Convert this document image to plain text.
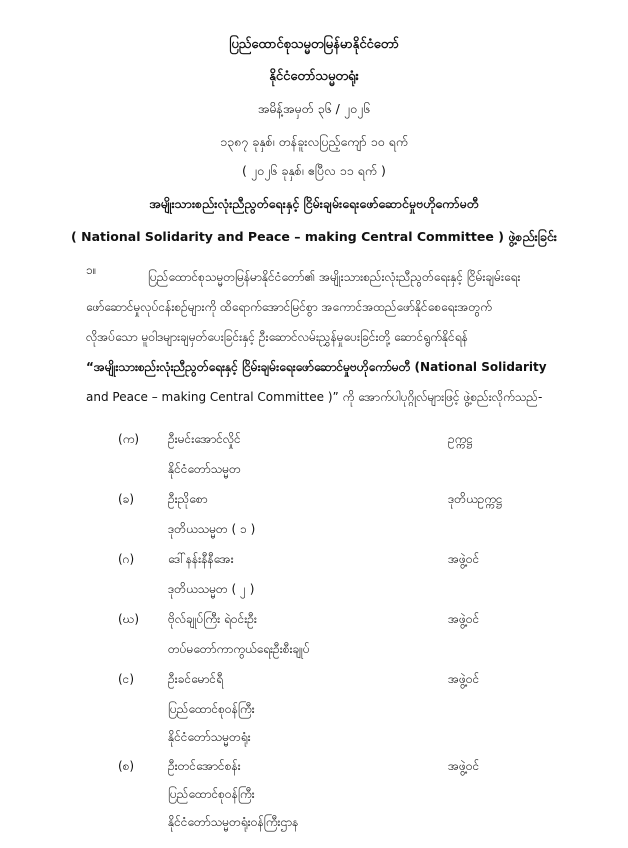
ပြည်ထောင်စုသမ္မတမြန်မာနိုင်ငံတော်
နိုင်ငံတော်သမ္မတရုံး
အမိန့်အမှတ် ၃၆ / ၂၀၂၆
၁၃၈၇ ခုနှစ်၊ တန်ခူးလပြည့်ကျော် ၁၀ ရက်
( ၂၀၂၆ ခုနှစ်၊ ဧပြီလ ၁၁ ရက် )
အမျိုးသားစည်းလုံးညီညွတ်ရေးနှင့် ငြိမ်းချမ်းရေးဖော်ဆောင်မှုဗဟိုကော်မတီ
( National Solidarity and Peace – making Central Committee ) ဖွဲ့စည်းခြင်း
၁။	ပြည်ထောင်စုသမ္မတမြန်မာနိုင်ငံတော်၏ အမျိုးသားစည်းလုံးညီညွတ်ရေးနှင့် ငြိမ်းချမ်းရေး
ဖော်ဆောင်မှုလုပ်ငန်းစဉ်များကို ထိရောက်အောင်မြင်စွာ အကောင်အထည်ဖော်နိုင်စေရေးအတွက်
လိုအပ်သော မူဝါဒများချမှတ်ပေးခြင်းနှင့် ဦးဆောင်လမ်းညွှန်မှုပေးခြင်းတို့ ဆောင်ရွက်နိုင်ရန်
“အမျိုးသားစည်းလုံးညီညွတ်ရေးနှင့် ငြိမ်းချမ်းရေးဖော်ဆောင်မှုဗဟိုကော်မတီ (National Solidarity
and Peace – making Central Committee )” ကို အောက်ပါပုဂ္ဂိုလ်များဖြင့် ဖွဲ့စည်းလိုက်သည်-
(က) ဦးမင်းအောင်လှိုင်	ဥက္ကဋ္ဌ
နိုင်ငံတော်သမ္မတ
(ခ)	ဦးညိုစော	ဒုတိယဥက္ကဋ္ဌ
ဒုတိယသမ္မတ ( ၁ )
(ဂ)	ဒေါ်နန်းနီနီအေး	အဖွဲ့ဝင်
ဒုတိယသမ္မတ ( ၂ )
(ဃ) ဗိုလ်ချုပ်ကြီး ရဲဝင်းဦး	အဖွဲ့ဝင်
တပ်မတော်ကာကွယ်ရေးဦးစီးချုပ်
(င)	ဦးခင်မောင်ရီ	အဖွဲ့ဝင်
ပြည်ထောင်စုဝန်ကြီး
နိုင်ငံတော်သမ္မတရုံး
(စ)	ဦးတင်အောင်စန်း	အဖွဲ့ဝင်
ပြည်ထောင်စုဝန်ကြီး
နိုင်ငံတော်သမ္မတရုံးဝန်ကြီးဌာန
